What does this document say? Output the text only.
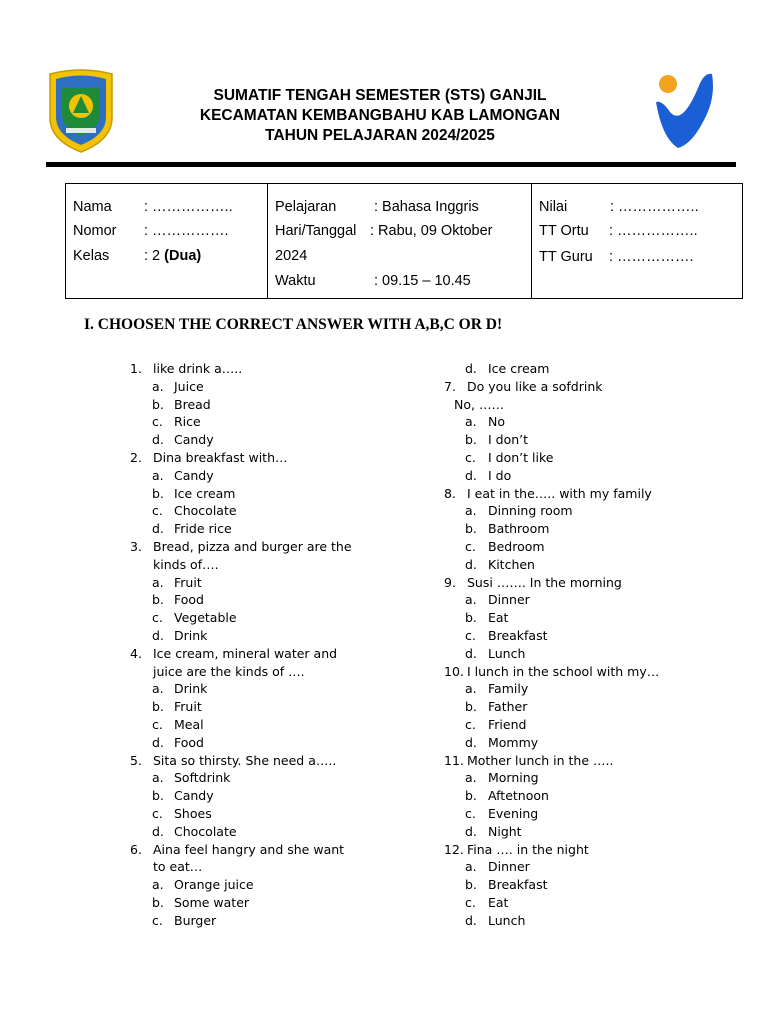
SUMATIF TENGAH SEMESTER (STS) GANJIL
KECAMATAN KEMBANGBAHU KAB LAMONGAN
TAHUN PELAJARAN 2024/2025
Nama : ……………..
Nomor : …………….
Kelas : 2 (Dua)
Pelajaran	: Bahasa Inggris
Hari/Tanggal : Rabu, 09 Oktober
2024
Waktu	: 09.15 – 10.45
Nilai	: ……………..
TT Ortu : ……………..
TT Guru : …………….
I. CHOOSEN THE CORRECT ANSWER WITH A,B,C OR D!
1. like drink a…..
a. Juice
b. Bread
c. Rice
d. Candy
2. Dina breakfast with…
a. Candy
b. Ice cream
c. Chocolate
d. Fride rice
3. Bread, pizza and burger are the
kinds of….
a. Fruit
b. Food
c. Vegetable
d. Drink
4. Ice cream, mineral water and
juice are the kinds of ….
a. Drink
b. Fruit
c. Meal
d. Food
5. Sita so thirsty. She need a…..
a. Softdrink
b. Candy
c. Shoes
d. Chocolate
6. Aina feel hangry and she want
to eat…
a. Orange juice
b. Some water
c. Burger
d. Ice cream
7. Do you like a sofdrink
No, ……
a. No
b. I don’t
c. I don’t like
d. I do
8. I eat in the….. with my family
a. Dinning room
b. Bathroom
c. Bedroom
d. Kitchen
9. Susi ……. In the morning
a. Dinner
b. Eat
c. Breakfast
d. Lunch
10. I lunch in the school with my…
a. Family
b. Father
c. Friend
d. Mommy
11. Mother lunch in the …..
a. Morning
b. Aftetnoon
c. Evening
d. Night
12. Fina …. in the night
a. Dinner
b. Breakfast
c. Eat
d. Lunch
